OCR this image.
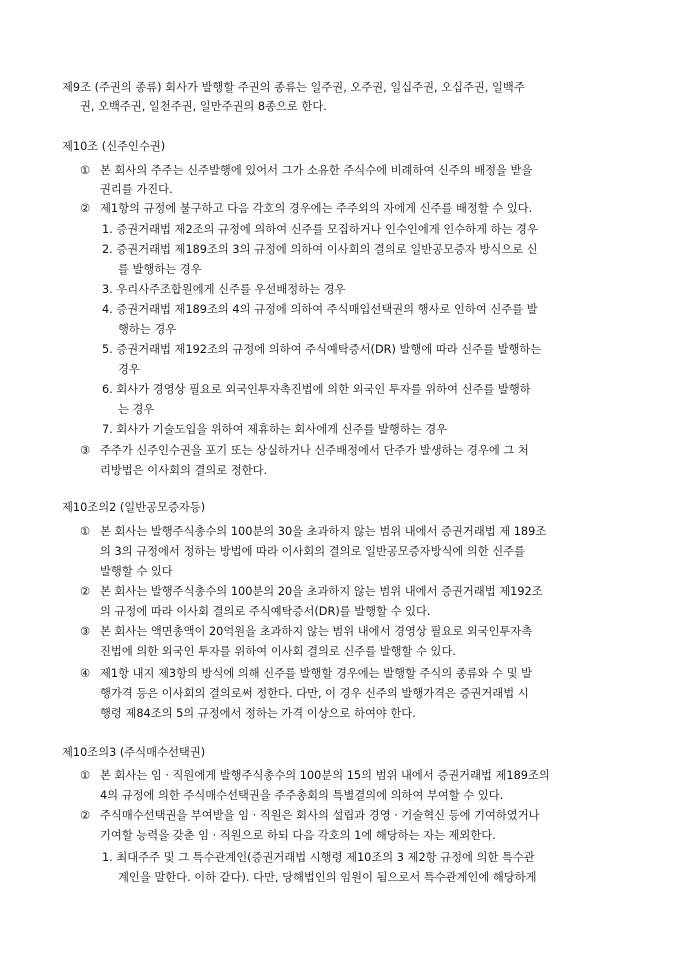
제9조 (주권의 종류) 회사가 발행할 주권의 종류는 일주권, 오주권, 일십주권, 오십주권, 일백주
권, 오백주권, 일천주권, 일만주권의 8종으로 한다.
제10조 (신주인수권)
① 본 회사의 주주는 신주발행에 있어서 그가 소유한 주식수에 비례하여 신주의 배정을 받을
권리를 가진다.
② 제1항의 규정에 불구하고 다음 각호의 경우에는 주주외의 자에게 신주를 배정할 수 있다.
1. 증권거래법 제2조의 규정에 의하여 신주를 모집하거나 인수인에게 인수하게 하는 경우
2. 증권거래법 제189조의 3의 규정에 의하여 이사회의 결의로 일반공모증자 방식으로 신
를 발행하는 경우
3. 우리사주조합원에게 신주를 우선배정하는 경우
4. 증권거래법 제189조의 4의 규정에 의하여 주식매입선택권의 행사로 인하여 신주를 발
행하는 경우
5. 증권거래법 제192조의 규정에 의하여 주식예탁증서(DR) 발행에 따라 신주를 발행하는
경우
6. 회사가 경영상 필요로 외국인투자촉진법에 의한 외국인 투자를 위하여 신주를 발행하
는 경우
7. 회사가 기술도입을 위하여 제휴하는 회사에게 신주를 발행하는 경우
③ 주주가 신주인수권을 포기 또는 상실하거나 신주배정에서 단주가 발생하는 경우에 그 처
리방법은 이사회의 결의로 정한다.
제10조의2 (일반공모증자등)
① 본 회사는 발행주식총수의 100분의 30을 초과하지 않는 범위 내에서 증권거래법 제 189조
의 3의 규정에서 정하는 방법에 따라 이사회의 결의로 일반공모증자방식에 의한 신주를
발행할 수 있다
② 본 회사는 발행주식총수의 100분의 20을 초과하지 않는 범위 내에서 증권거래법 제192조
의 규정에 따라 이사회 결의로 주식예탁증서(DR)를 발행할 수 있다.
③ 본 회사는 액면총액이 20억원을 초과하지 않는 범위 내에서 경영상 필요로 외국인투자촉
진법에 의한 외국인 투자를 위하여 이사회 결의로 신주를 발행할 수 있다.
④ 제1항 내지 제3항의 방식에 의해 신주를 발행할 경우에는 발행할 주식의 종류와 수 및 발
행가격 등은 이사회의 결의로써 정한다. 다만, 이 경우 신주의 발행가격은 증권거래법 시
행령 제84조의 5의 규정에서 정하는 가격 이상으로 하여야 한다.
제10조의3 (주식매수선택권)
① 본 회사는 임 · 직원에게 발행주식총수의 100분의 15의 범위 내에서 증권거래법 제189조의
4의 규정에 의한 주식매수선택권을 주주총회의 특별결의에 의하여 부여할 수 있다.
② 주식매수선택권을 부여받을 임 · 직원은 회사의 설립과 경영 · 기술혁신 등에 기여하였거나
기여할 능력을 갖춘 임 · 직원으로 하되 다음 각호의 1에 해당하는 자는 제외한다.
1. 최대주주 및 그 특수관계인(증권거래법 시행령 제10조의 3 제2항 규정에 의한 특수관
계인을 말한다. 이하 같다). 다만, 당해법인의 임원이 됨으로서 특수관계인에 해당하게
